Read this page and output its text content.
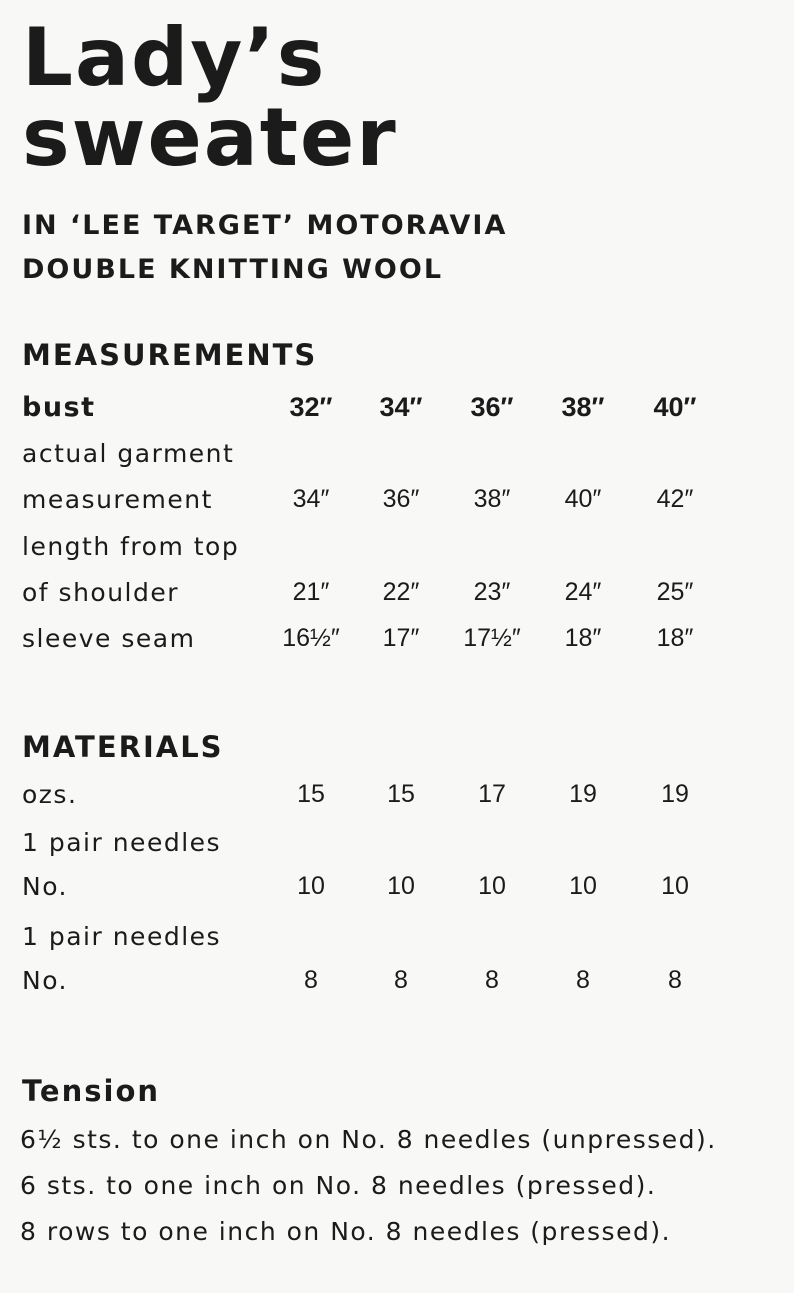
Lady’s
sweater
IN ‘LEE TARGET’ MOTORAVIA
DOUBLE KNITTING WOOL
MEASUREMENTS
bust	32″	34″	36″	38″	40″
actual garment
measurement	34″	36″	38″	40″	42″
length from top
of shoulder	21″	22″	23″	24″	25″
sleeve seam	16½″	17″	17½″	18″	18″
MATERIALS
ozs.	15	15	17	19	19
1 pair needles
No.	10	10	10	10	10
1 pair needles
No.	8	8	8	8	8
Tension
6½ sts. to one inch on No. 8 needles (unpressed).
6 sts. to one inch on No. 8 needles (pressed).
8 rows to one inch on No. 8 needles (pressed).
